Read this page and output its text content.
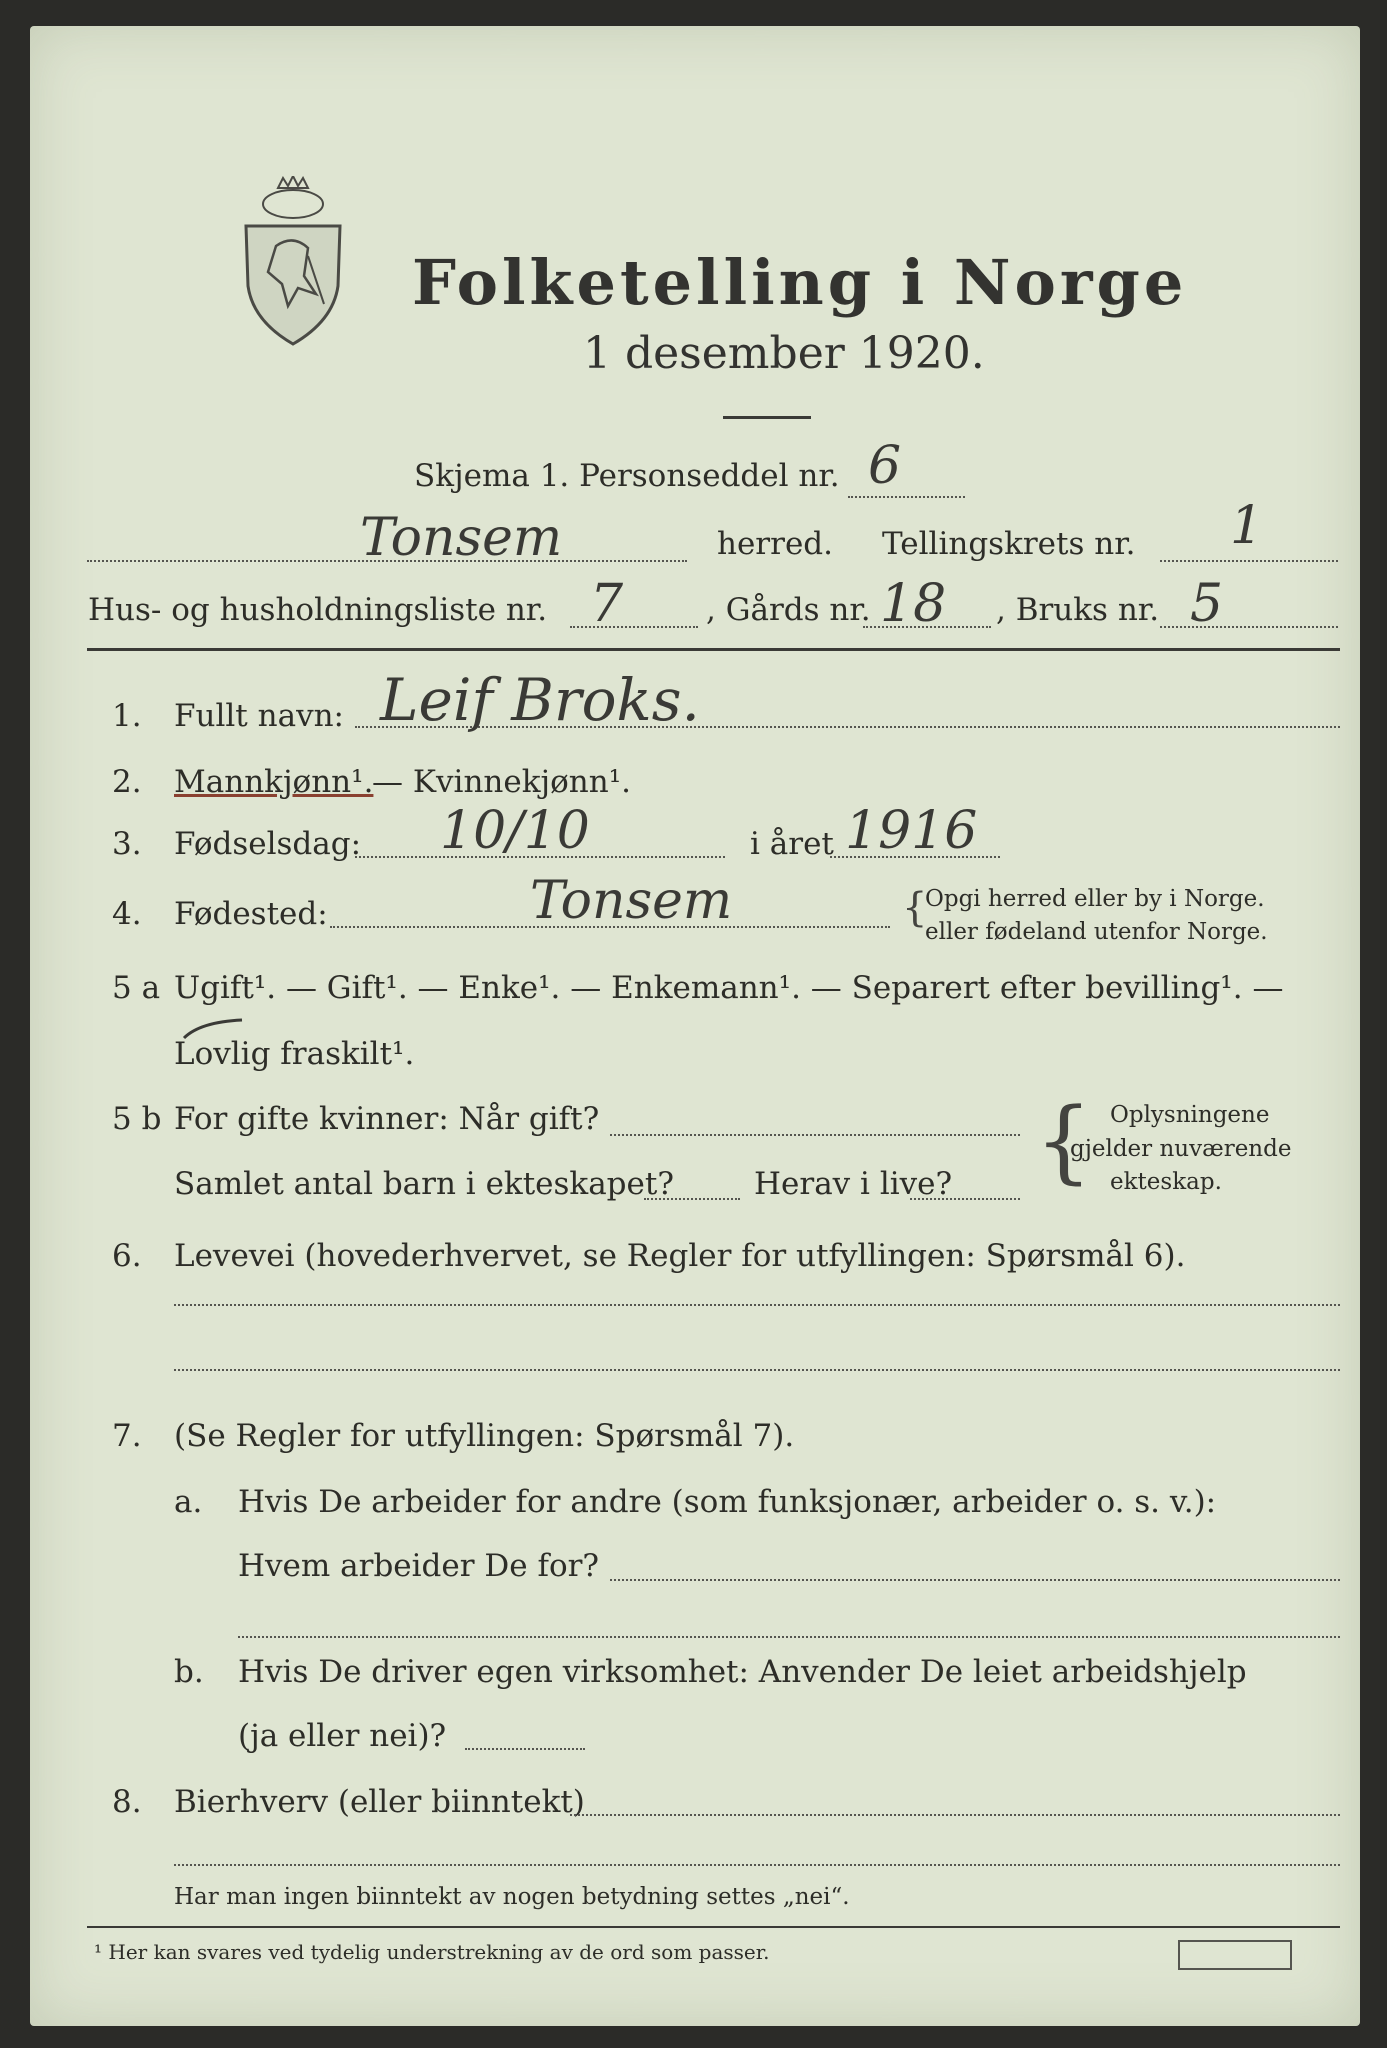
Folketelling i Norge
1 desember 1920.
Skjema 1. Personseddel nr. 6
Tonsem	herred. Tellingskrets nr. 1
Hus- og husholdningsliste nr. 7	, Gårds nr. 18 , Bruks nr. 5
1. Fullt navn: Leif Broks.
2. Mannkjønn¹.
— Kvinnekjønn¹.
3. Fødselsdag: 10/10	i året 1916
4. Fødested:	Tonsem	{
Opgi herred eller by i Norge.
eller fødeland utenfor Norge.
5 a Ugift¹. — Gift¹. — Enke¹. — Enkemann¹. — Separert efter bevilling¹. —
Lovlig fraskilt¹.
5 b For gifte kvinner: Når gift?
Samlet antal barn i ekteskapet?	Herav i live? { Oplysningene
gjelder nuværende
ekteskap.
6. Levevei (hovederhvervet, se Regler for utfyllingen: Spørsmål 6).
7. (Se Regler for utfyllingen: Spørsmål 7).
a. Hvis De arbeider for andre (som funksjonær, arbeider o. s. v.):
Hvem arbeider De for?
b. Hvis De driver egen virksomhet: Anvender De leiet arbeidshjelp
(ja eller nei)?
8. Bierhverv (eller biinntekt)
Har man ingen biinntekt av nogen betydning settes „nei“.
¹ Her kan svares ved tydelig understrekning av de ord som passer.
